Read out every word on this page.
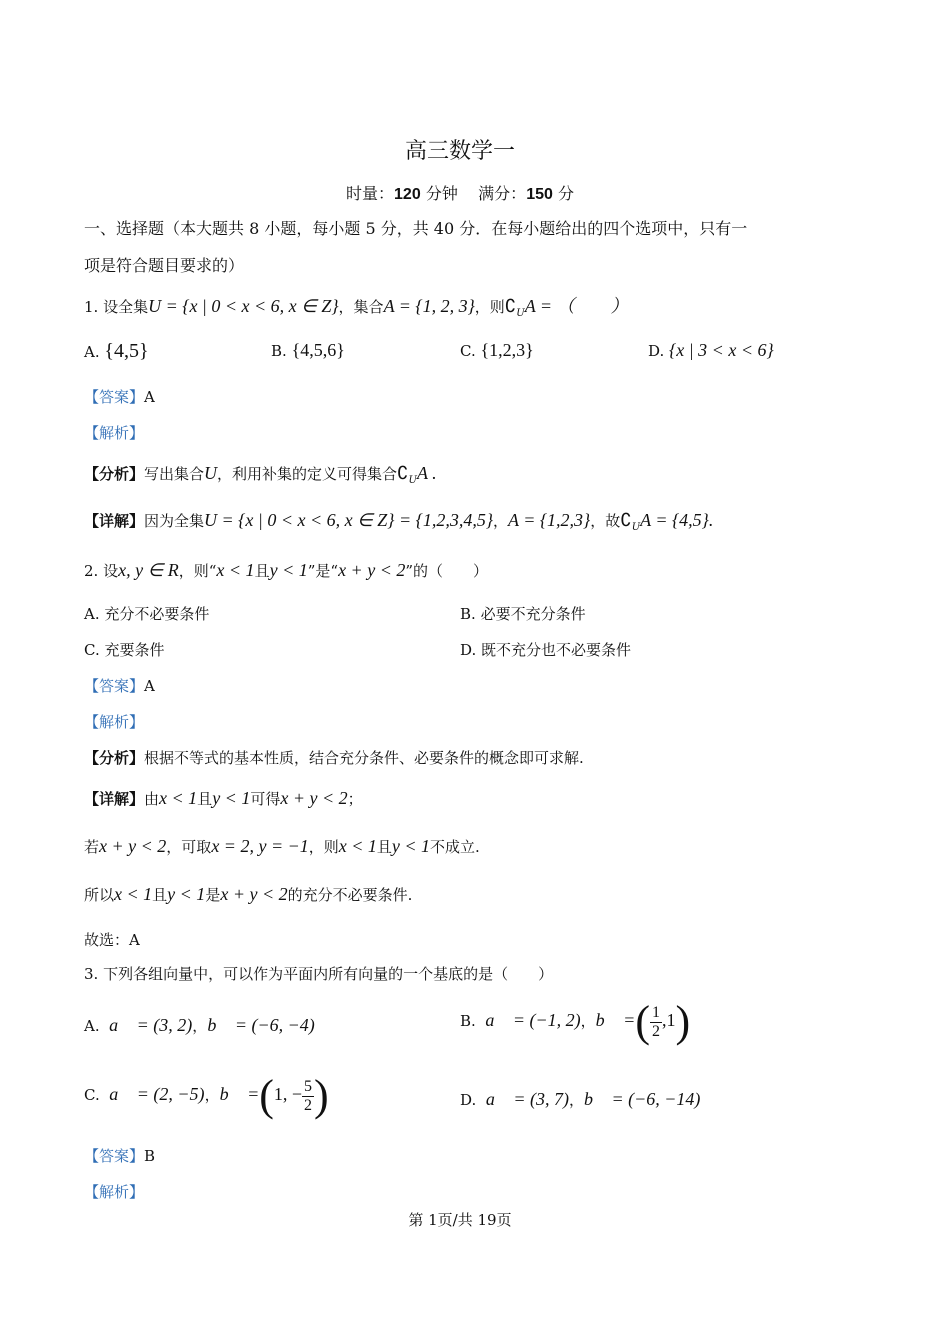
高三数学一
时量：120 分钟 满分：150 分
一、选择题（本大题共 8 小题，每小题 5 分，共 40 分．在每小题给出的四个选项中，只有一
项是符合题目要求的）
1. 设全集U = {x | 0 < x < 6, x ∈ Z}，集合A = {1, 2, 3}，则$∁_UA$ = （　　）
A. {4,5}	B. {4,5,6}	C. {1,2,3}	D. {x | 3 < x < 6}
【答案】A
【解析】
【分析】写出集合U，利用补集的定义可得集合$∁_UA$ .
【详解】因为全集U = {x | 0 < x < 6, x ∈ Z} = {1,2,3,4,5}，A = {1,2,3}，故$∁_UA = \{4,5\}$.
2. 设x, y ∈ R，则“x < 1且y < 1”是“x + y < 2”的（　　）
A. 充分不必要条件	B. 必要不充分条件
C. 充要条件	D. 既不充分也不必要条件
【答案】A
【解析】
【分析】根据不等式的基本性质，结合充分条件、必要条件的概念即可求解.
【详解】由x < 1且y < 1可得x + y < 2；
若x + y < 2，可取x = 2, y = −1，则x < 1且y < 1不成立.
所以x < 1且y < 1是x + y < 2的充分不必要条件.
故选：A
3. 下列各组向量中，可以作为平面内所有向量的一个基底的是（　　）
A. a⃗ = (3, 2)，b⃗ = (−6, −4)	B. a⃗ = (−1, 2)，b⃗ =( $\frac{1}{2} ,1$)
C. a⃗ = (2, −5)，b⃗ =(1, − $\frac{5}{2}$ )	D. a⃗ = (3, 7)，b⃗ = (−6, −14)
【答案】B
【解析】
第 1页/共 19页
